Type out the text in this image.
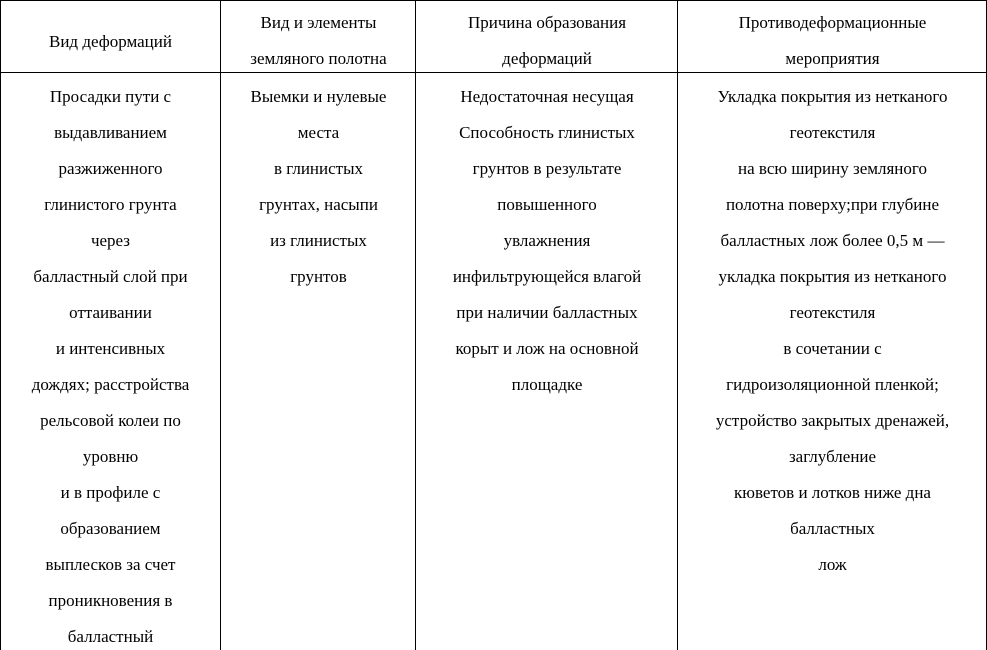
Вид деформаций
Вид и элементы
земляного полотна
Причина образования
деформаций
Противодеформационные
мероприятия
Просадки пути с
выдавливанием
разжиженного
глинистого грунта
через
балластный слой при
оттаивании
и интенсивных
дождях; расстройства
рельсовой колеи по
уровню
и в профиле с
образованием
выплесков за счет
проникновения в
балластный
Выемки и нулевые
места
в глинистых
грунтах, насыпи
из глинистых
грунтов
Недостаточная несущая
Способность глинистых
грунтов в результате
повышенного
увлажнения
инфильтрующейся влагой
при наличии балластных
корыт и лож на основной
площадке
Укладка покрытия из нетканого
геотекстиля
на всю ширину земляного
полотна поверху;при глубине
балластных лож более 0,5 м —
укладка покрытия из нетканого
геотекстиля
в сочетании с
гидроизоляционной пленкой;
устройство закрытых дренажей,
заглубление
кюветов и лотков ниже дна
балластных
лож
